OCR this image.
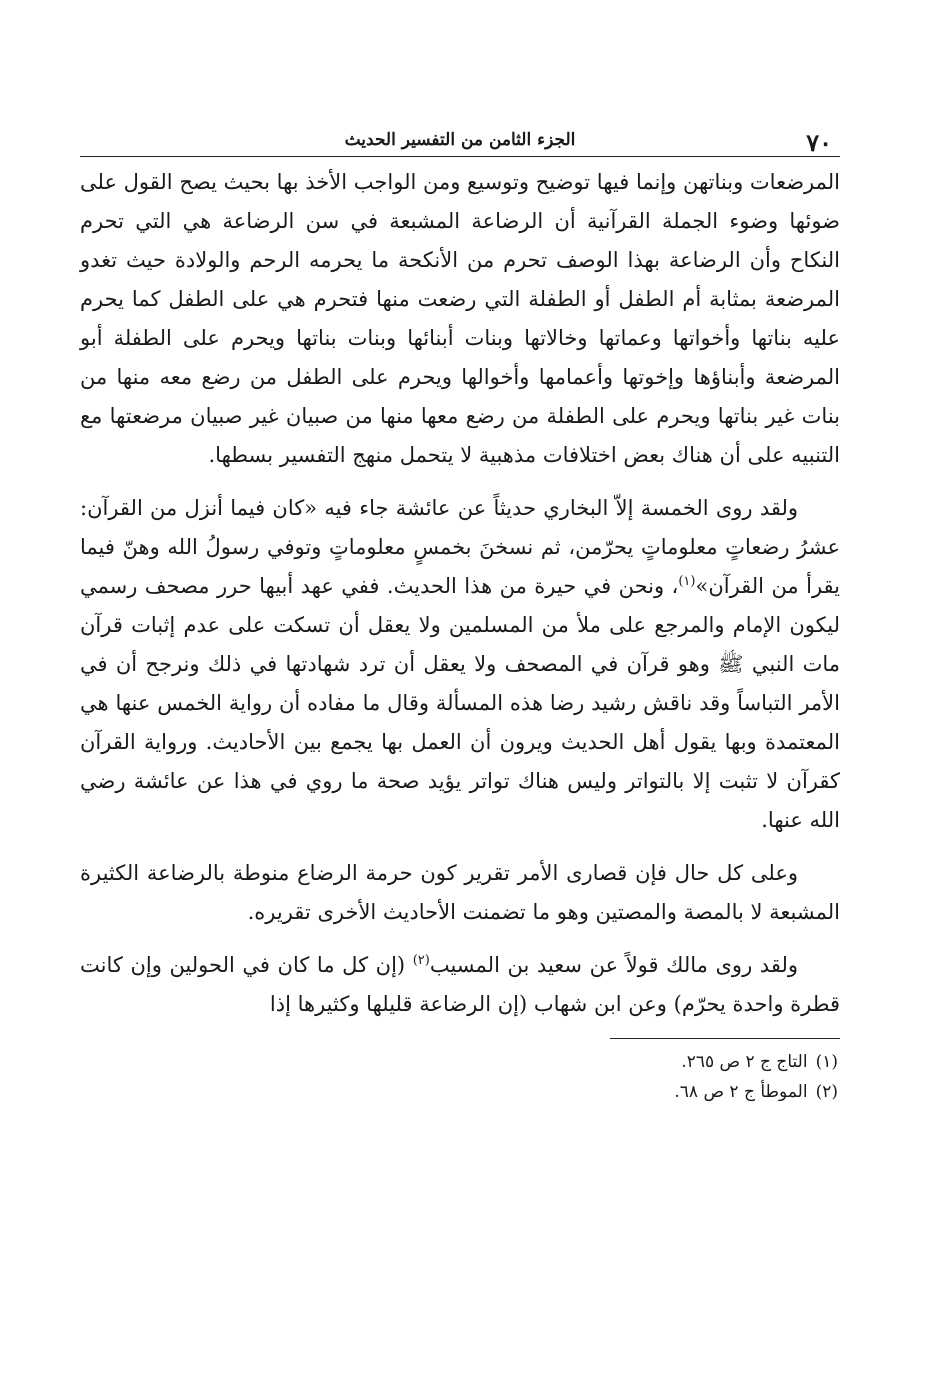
٧٠
الجزء الثامن من التفسير الحديث

المرضعات وبناتهن وإنما فيها توضيح وتوسيع ومن الواجب الأخذ بها بحيث يصح القول على ضوئها وضوء الجملة القرآنية أن الرضاعة المشبعة في سن الرضاعة هي التي تحرم النكاح وأن الرضاعة بهذا الوصف تحرم من الأنكحة ما يحرمه الرحم والولادة حيث تغدو المرضعة بمثابة أم الطفل أو الطفلة التي رضعت منها فتحرم هي على الطفل كما يحرم عليه بناتها وأخواتها وعماتها وخالاتها وبنات أبنائها وبنات بناتها ويحرم على الطفلة أبو المرضعة وأبناؤها وإخوتها وأعمامها وأخوالها ويحرم على الطفل من رضع معه منها من بنات غير بناتها ويحرم على الطفلة من رضع معها منها من صبيان غير صبيان مرضعتها مع التنبيه على أن هناك بعض اختلافات مذهبية لا يتحمل منهج التفسير بسطها.

ولقد روى الخمسة إلاّ البخاري حديثاً عن عائشة جاء فيه «كان فيما أنزل من القرآن: عشرُ رضعاتٍ معلوماتٍ يحرّمن، ثم نسخنَ بخمسٍ معلوماتٍ وتوفي رسولُ الله وهنّ فيما يقرأ من القرآن»$^{(١)}$، ونحن في حيرة من هذا الحديث. ففي عهد أبيها حرر مصحف رسمي ليكون الإمام والمرجع على ملأ من المسلمين ولا يعقل أن تسكت على عدم إثبات قرآن مات النبي ﷺ وهو قرآن في المصحف ولا يعقل أن ترد شهادتها في ذلك ونرجح أن في الأمر التباساً وقد ناقش رشيد رضا هذه المسألة وقال ما مفاده أن رواية الخمس عنها هي المعتمدة وبها يقول أهل الحديث ويرون أن العمل بها يجمع بين الأحاديث. ورواية القرآن كقرآن لا تثبت إلا بالتواتر وليس هناك تواتر يؤيد صحة ما روي في هذا عن عائشة رضي الله عنها.

وعلى كل حال فإن قصارى الأمر تقرير كون حرمة الرضاع منوطة بالرضاعة الكثيرة المشبعة لا بالمصة والمصتين وهو ما تضمنت الأحاديث الأخرى تقريره.

ولقد روى مالك قولاً عن سعيد بن المسيب$^{(٢)}$ (إن كل ما كان في الحولين وإن كانت قطرة واحدة يحرّم) وعن ابن شهاب (إن الرضاعة قليلها وكثيرها إذا

(١)التاج ج ٢ ص ٢٦٥.

(٢)الموطأ ج ٢ ص ٦٨.
